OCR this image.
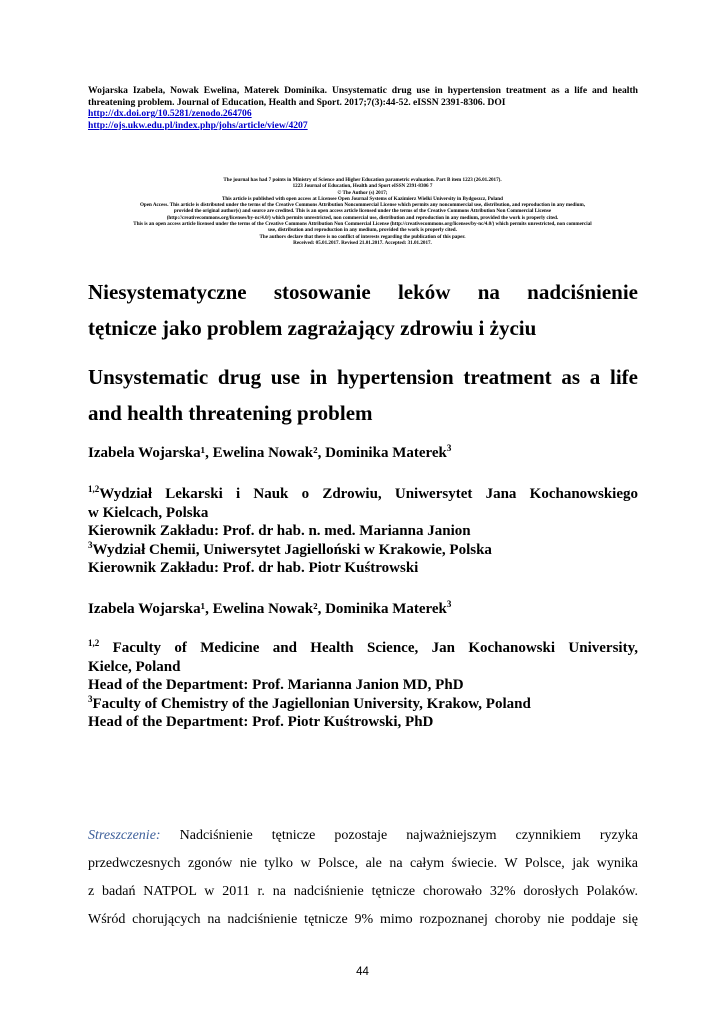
Wojarska Izabela, Nowak Ewelina, Materek Dominika. Unsystematic drug use in hypertension treatment as a life and health threatening problem. Journal of Education, Health and Sport. 2017;7(3):44-52. eISSN 2391-8306. DOI
http://dx.doi.org/10.5281/zenodo.264706
http://ojs.ukw.edu.pl/index.php/johs/article/view/4207
The journal has had 7 points in Ministry of Science and Higher Education parametric evaluation. Part B item 1223 (26.01.2017).
1223 Journal of Education, Health and Sport eISSN 2391-8306 7
© The Author (s) 2017;
This article is published with open access at Licensee Open Journal Systems of Kazimierz Wielki University in Bydgoszcz, Poland
Open Access. This article is distributed under the terms of the Creative Commons Attribution Noncommercial License which permits any noncommercial use, distribution, and reproduction in any medium,
provided the original author(s) and source are credited. This is an open access article licensed under the terms of the Creative Commons Attribution Non Commercial License
(http://creativecommons.org/licenses/by-nc/4.0/) which permits unrestricted, non commercial use, distribution and reproduction in any medium, provided the work is properly cited.
This is an open access article licensed under the terms of the Creative Commons Attribution Non Commercial License (http://creativecommons.org/licenses/by-nc/4.0/) which permits unrestricted, non commercial
use, distribution and reproduction in any medium, provided the work is properly cited.
The authors declare that there is no conflict of interests regarding the publication of this paper.
Received: 05.01.2017. Revised 21.01.2017. Accepted: 31.01.2017.
Niesystematyczne stosowanie leków na nadciśnienie
tętnicze jako problem zagrażający zdrowiu i życiu
Unsystematic drug use in hypertension treatment as a life
and health threatening problem
Izabela Wojarska¹, Ewelina Nowak², Dominika Materek$^3$
$^{1,2}$Wydział Lekarski i Nauk o Zdrowiu, Uniwersytet Jana Kochanowskiego
w Kielcach, Polska
Kierownik Zakładu: Prof. dr hab. n. med. Marianna Janion
$^3$Wydział Chemii, Uniwersytet Jagielloński w Krakowie, Polska
Kierownik Zakładu: Prof. dr hab. Piotr Kuśtrowski
Izabela Wojarska¹, Ewelina Nowak², Dominika Materek$^3$
$^{1,2}$ Faculty of Medicine and Health Science, Jan Kochanowski University,
Kielce, Poland
Head of the Department: Prof. Marianna Janion MD, PhD
$^3$Faculty of Chemistry of the Jagiellonian University, Krakow, Poland
Head of the Department: Prof. Piotr Kuśtrowski, PhD
Streszczenie: Nadciśnienie tętnicze pozostaje najważniejszym czynnikiem ryzyka
przedwczesnych zgonów nie tylko w Polsce, ale na całym świecie. W Polsce, jak wynika
z badań NATPOL w 2011 r. na nadciśnienie tętnicze chorowało 32% dorosłych Polaków.
Wśród chorujących na nadciśnienie tętnicze 9% mimo rozpoznanej choroby nie poddaje się
44
